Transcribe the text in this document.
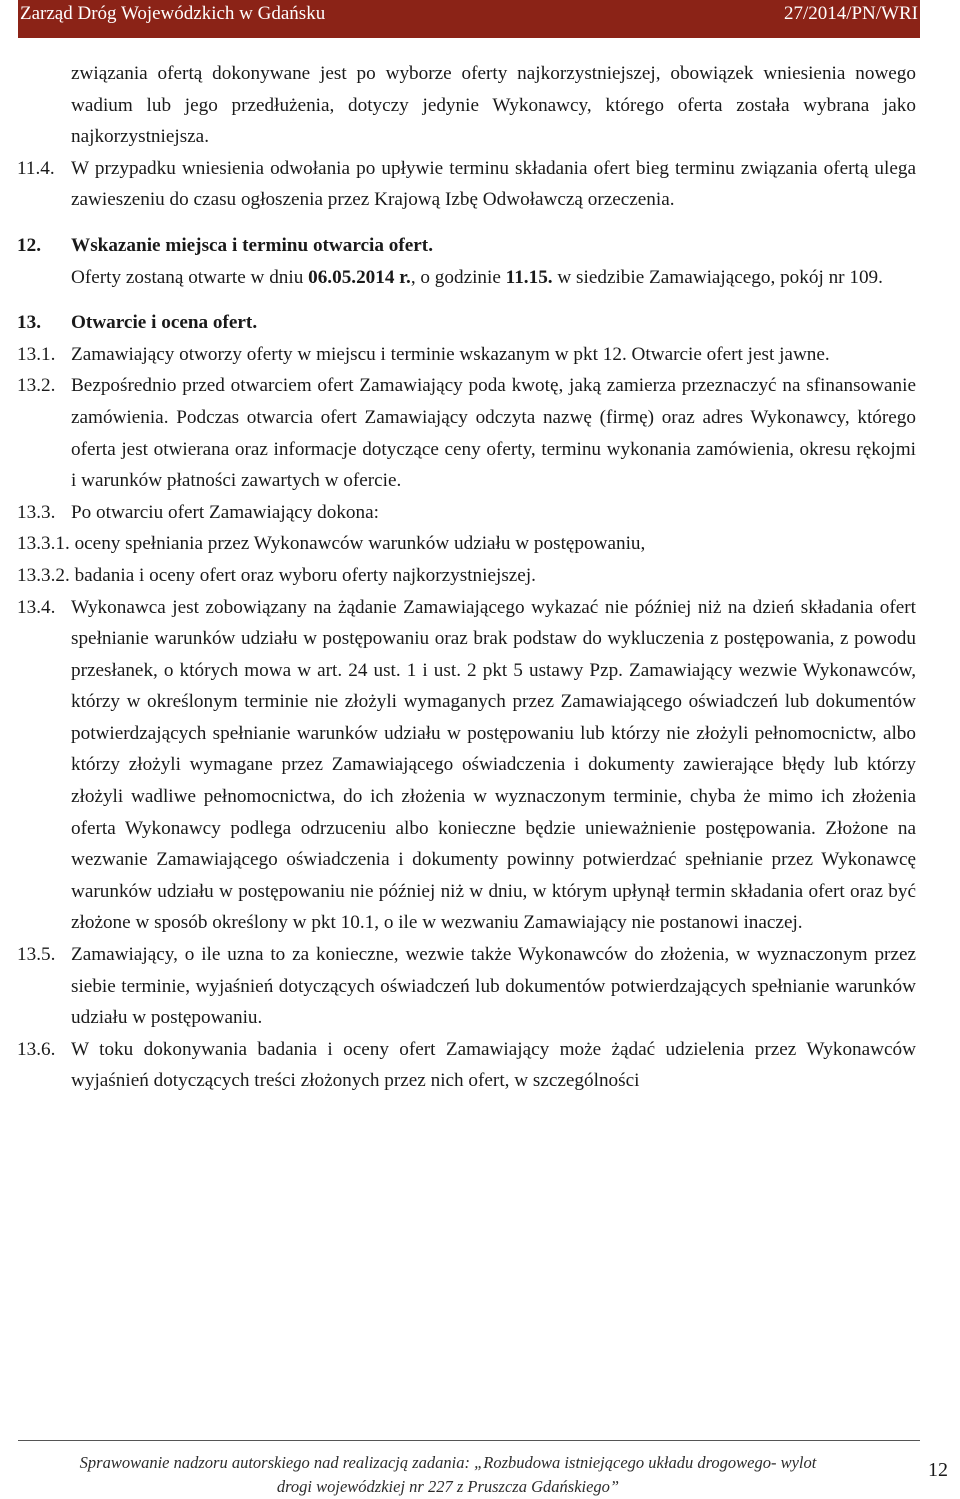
Zarząd Dróg Wojewódzkich w Gdańsku	27/2014/PN/WRI
związania ofertą dokonywane jest po wyborze oferty najkorzystniejszej, obowiązek wniesienia nowego wadium lub jego przedłużenia, dotyczy jedynie Wykonawcy, którego oferta została wybrana jako najkorzystniejsza.
11.4. W przypadku wniesienia odwołania po upływie terminu składania ofert bieg terminu związania ofertą ulega zawieszeniu do czasu ogłoszenia przez Krajową Izbę Odwoławczą orzeczenia.
12. Wskazanie miejsca i terminu otwarcia ofert.
Oferty zostaną otwarte w dniu 06.05.2014 r., o godzinie 11.15. w siedzibie Zamawiającego, pokój nr 109.
13. Otwarcie i ocena ofert.
13.1. Zamawiający otworzy oferty w miejscu i terminie wskazanym w pkt 12. Otwarcie ofert jest jawne.
13.2. Bezpośrednio przed otwarciem ofert Zamawiający poda kwotę, jaką zamierza przeznaczyć na sfinansowanie zamówienia. Podczas otwarcia ofert Zamawiający odczyta nazwę (firmę) oraz adres Wykonawcy, którego oferta jest otwierana oraz informacje dotyczące ceny oferty, terminu wykonania zamówienia, okresu rękojmi i warunków płatności zawartych w ofercie.
13.3. Po otwarciu ofert Zamawiający dokona:
13.3.1. oceny spełniania przez Wykonawców warunków udziału w postępowaniu,
13.3.2. badania i oceny ofert oraz wyboru oferty najkorzystniejszej.
13.4. Wykonawca jest zobowiązany na żądanie Zamawiającego wykazać nie później niż na dzień składania ofert spełnianie warunków udziału w postępowaniu oraz brak podstaw do wykluczenia z postępowania, z powodu przesłanek, o których mowa w art. 24 ust. 1 i ust. 2 pkt 5 ustawy Pzp. Zamawiający wezwie Wykonawców, którzy w określonym terminie nie złożyli wymaganych przez Zamawiającego oświadczeń lub dokumentów potwierdzających spełnianie warunków udziału w postępowaniu lub którzy nie złożyli pełnomocnictw, albo którzy złożyli wymagane przez Zamawiającego oświadczenia i dokumenty zawierające błędy lub którzy złożyli wadliwe pełnomocnictwa, do ich złożenia w wyznaczonym terminie, chyba że mimo ich złożenia oferta Wykonawcy podlega odrzuceniu albo konieczne będzie unieważnienie postępowania. Złożone na wezwanie Zamawiającego oświadczenia i dokumenty powinny potwierdzać spełnianie przez Wykonawcę warunków udziału w postępowaniu nie później niż w dniu, w którym upłynął termin składania ofert oraz być złożone w sposób określony w pkt 10.1, o ile w wezwaniu Zamawiający nie postanowi inaczej.
13.5. Zamawiający, o ile uzna to za konieczne, wezwie także Wykonawców do złożenia, w wyznaczonym przez siebie terminie, wyjaśnień dotyczących oświadczeń lub dokumentów potwierdzających spełnianie warunków udziału w postępowaniu.
13.6. W toku dokonywania badania i oceny ofert Zamawiający może żądać udzielenia przez Wykonawców wyjaśnień dotyczących treści złożonych przez nich ofert, w szczególności
Sprawowanie nadzoru autorskiego nad realizacją zadania: „Rozbudowa istniejącego układu drogowego- wylot
drogi wojewódzkiej nr 227 z Pruszcza Gdańskiego”
12
